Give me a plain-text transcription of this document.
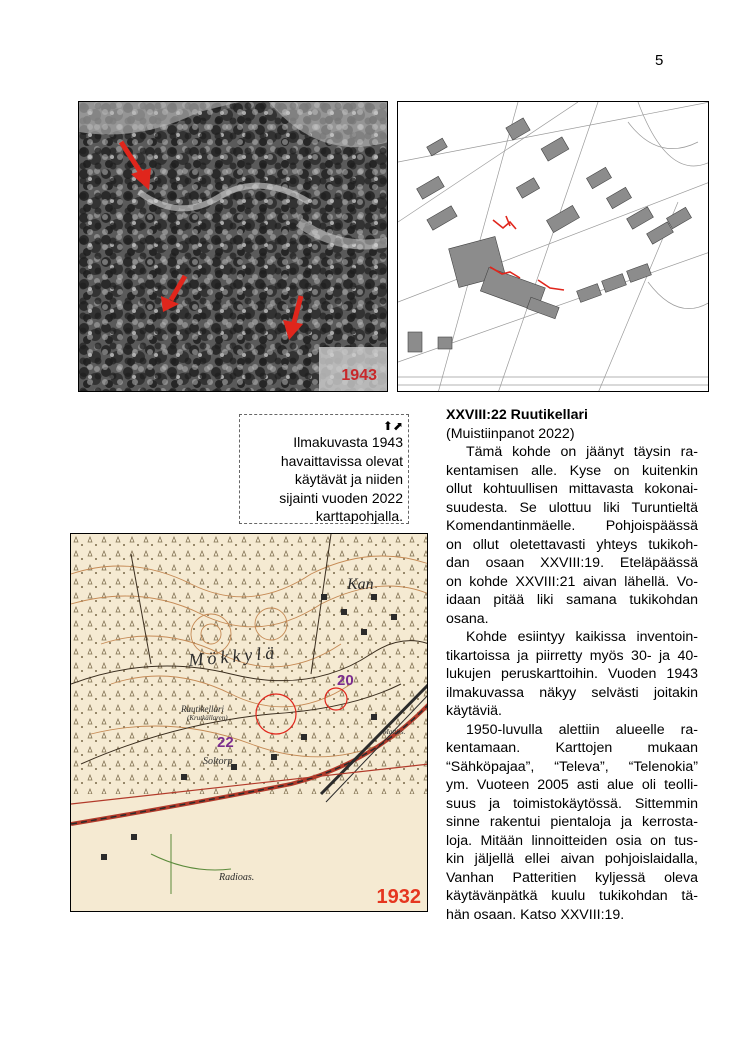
5
1943
⬆⬈
Ilmakuvasta 1943
havaittavissa olevat
käytävät ja niiden
sijainti vuoden 2022
karttapohjalla.
Mökkylä
Ruutikellari
(Krutkällaren)
Soltorp
Radioas.
Kan
Mattiss.
20
22
1932
XXVIII:22 Ruutikellari
(Muistiinpanot 2022)
Tämä kohde on jäänyt täysin ra-
kentamisen alle. Kyse on kuitenkin
ollut kohtuullisen mittavasta kokonai-
suudesta. Se ulottuu liki Turuntieltä
Komendantinmäelle. Pohjoispäässä
on ollut oletettavasti yhteys tukikoh-
dan osaan XXVIII:19. Eteläpäässä
on kohde XXVIII:21 aivan lähellä. Vo-
idaan pitää liki samana tukikohdan
osana.
Kohde esiintyy kaikissa inventoin-
tikartoissa ja piirretty myös 30- ja 40-
lukujen peruskarttoihin. Vuoden 1943
ilmakuvassa näkyy selvästi joitakin
käytäviä.
1950-luvulla alettiin alueelle ra-
kentamaan. Karttojen mukaan
“Sähköpajaa”, “Televa”, “Telenokia”
ym. Vuoteen 2005 asti alue oli teolli-
suus ja toimistokäytössä. Sittemmin
sinne rakentui pientaloja ja kerrosta-
loja. Mitään linnoitteiden osia on tus-
kin jäljellä ellei aivan pohjoislaidalla,
Vanhan Patteritien kyljessä oleva
käytävänpätkä kuulu tukikohdan tä-
hän osaan. Katso XXVIII:19.
